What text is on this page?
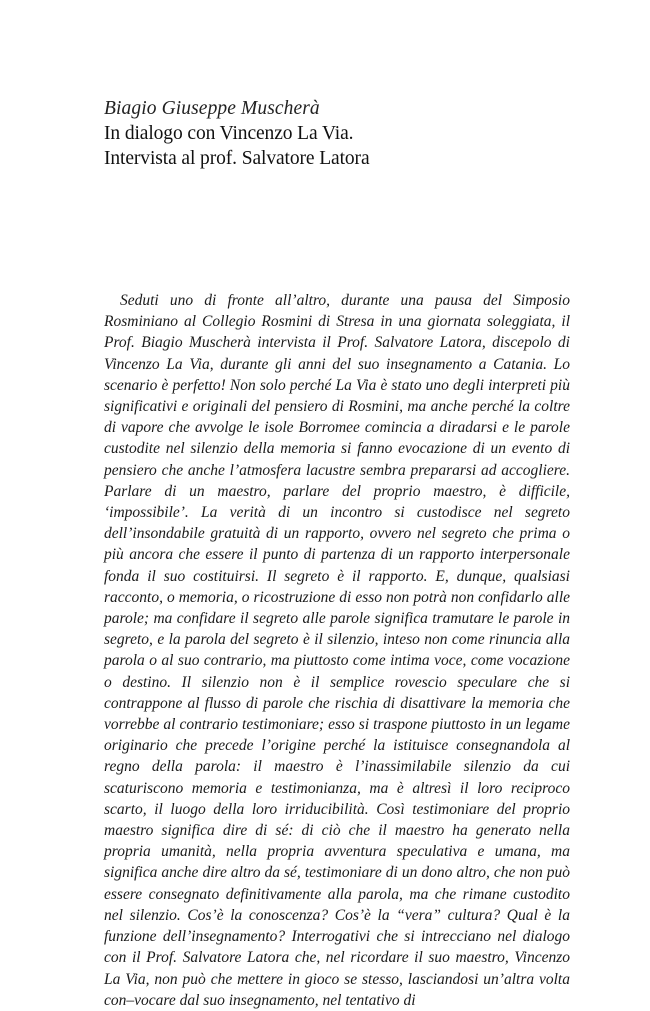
Biagio Giuseppe Muscherà

In dialogo con Vincenzo La Via.

Intervista al prof. Salvatore Latora

Seduti uno di fronte all’altro, durante una pausa del Simposio Rosminiano al Collegio Rosmini di Stresa in una giornata soleggiata, il Prof. Biagio Muscherà intervista il Prof. Salvatore Latora, discepolo di Vincenzo La Via, durante gli anni del suo insegnamento a Catania. Lo scenario è perfetto! Non solo perché La Via è stato uno degli interpreti più significativi e originali del pensiero di Rosmini, ma anche perché la coltre di vapore che avvolge le isole Borromee comincia a diradarsi e le parole custodite nel silenzio della memoria si fanno evocazione di un evento di pensiero che anche l’atmosfera lacustre sembra prepararsi ad accogliere. Parlare di un maestro, parlare del proprio maestro, è difficile, ‘impossibile’. La verità di un incontro si custodisce nel segreto dell’insondabile gratuità di un rapporto, ovvero nel segreto che prima o più ancora che essere il punto di partenza di un rapporto interpersonale fonda il suo costituirsi. Il segreto è il rapporto. E, dunque, qualsiasi racconto, o memoria, o ricostruzione di esso non potrà non confidarlo alle parole; ma confidare il segreto alle parole significa tramutare le parole in segreto, e la parola del segreto è il silenzio, inteso non come rinuncia alla parola o al suo contrario, ma piuttosto come intima voce, come vocazione o destino. Il silenzio non è il semplice rovescio speculare che si contrappone al flusso di parole che rischia di disattivare la memoria che vorrebbe al contrario testimoniare; esso si traspone piuttosto in un legame originario che precede l’origine perché la istituisce consegnandola al regno della parola: il maestro è l’inassimilabile silenzio da cui scaturiscono memoria e testimonianza, ma è altresì il loro reciproco scarto, il luogo della loro irriducibilità. Così testimoniare del proprio maestro significa dire di sé: di ciò che il maestro ha generato nella propria umanità, nella propria avventura speculativa e umana, ma significa anche dire altro da sé, testimoniare di un dono altro, che non può essere consegnato definitivamente alla parola, ma che rimane custodito nel silenzio. Cos’è la conoscenza? Cos’è la “vera” cultura? Qual è la funzione dell’insegnamento? Interrogativi che si intrecciano nel dialogo con il Prof. Salvatore Latora che, nel ricordare il suo maestro, Vincenzo La Via, non può che mettere in gioco se stesso, lasciandosi un’altra volta con–vocare dal suo insegnamento, nel tentativo di
